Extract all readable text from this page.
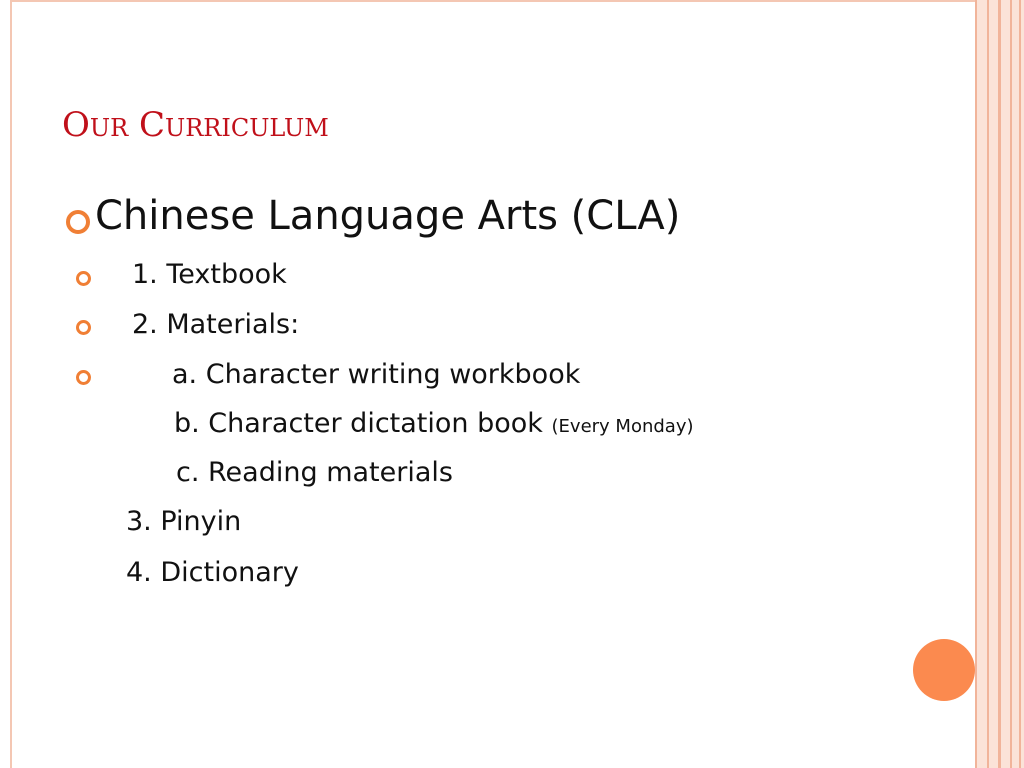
Our Curriculum

Chinese Language Arts (CLA)

1. Textbook

2. Materials:

a. Character writing workbook

b. Character dictation book (Every Monday)

c. Reading materials

3. Pinyin

4. Dictionary
